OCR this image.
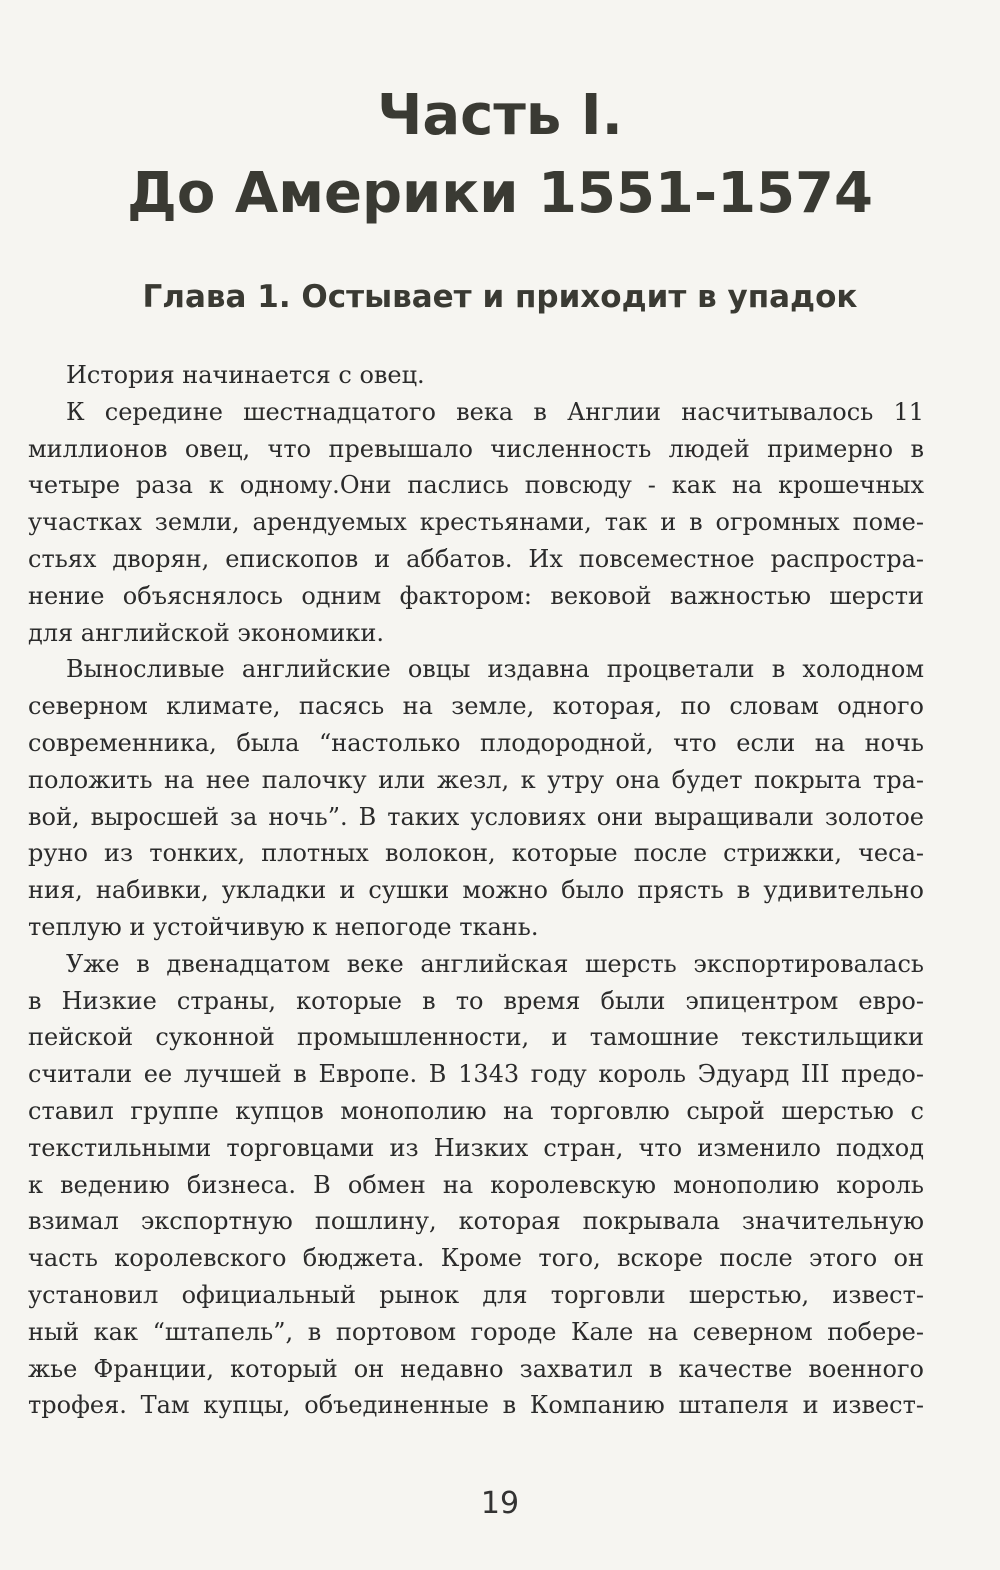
Часть I.
До Америки 1551-1574
Глава 1. Остывает и приходит в упадок
История начинается с овец.
К середине шестнадцатого века в Англии насчитывалось 11
миллионов овец, что превышало численность людей примерно в
четыре раза к одному.Они паслись повсюду - как на крошечных
участках земли, арендуемых крестьянами, так и в огромных поме-
стьях дворян, епископов и аббатов. Их повсеместное распростра-
нение объяснялось одним фактором: вековой важностью шерсти
для английской экономики.
Выносливые английские овцы издавна процветали в холодном
северном климате, пасясь на земле, которая, по словам одного
современника, была “настолько плодородной, что если на ночь
положить на нее палочку или жезл, к утру она будет покрыта тра-
вой, выросшей за ночь”. В таких условиях они выращивали золотое
руно из тонких, плотных волокон, которые после стрижки, чеса-
ния, набивки, укладки и сушки можно было прясть в удивительно
теплую и устойчивую к непогоде ткань.
Уже в двенадцатом веке английская шерсть экспортировалась
в Низкие страны, которые в то время были эпицентром евро-
пейской суконной промышленности, и тамошние текстильщики
считали ее лучшей в Европе. В 1343 году король Эдуард III предо-
ставил группе купцов монополию на торговлю сырой шерстью с
текстильными торговцами из Низких стран, что изменило подход
к ведению бизнеса. В обмен на королевскую монополию король
взимал экспортную пошлину, которая покрывала значительную
часть королевского бюджета. Кроме того, вскоре после этого он
установил официальный рынок для торговли шерстью, извест-
ный как “штапель”, в портовом городе Кале на северном побере-
жье Франции, который он недавно захватил в качестве военного
трофея. Там купцы, объединенные в Компанию штапеля и извест-
19
